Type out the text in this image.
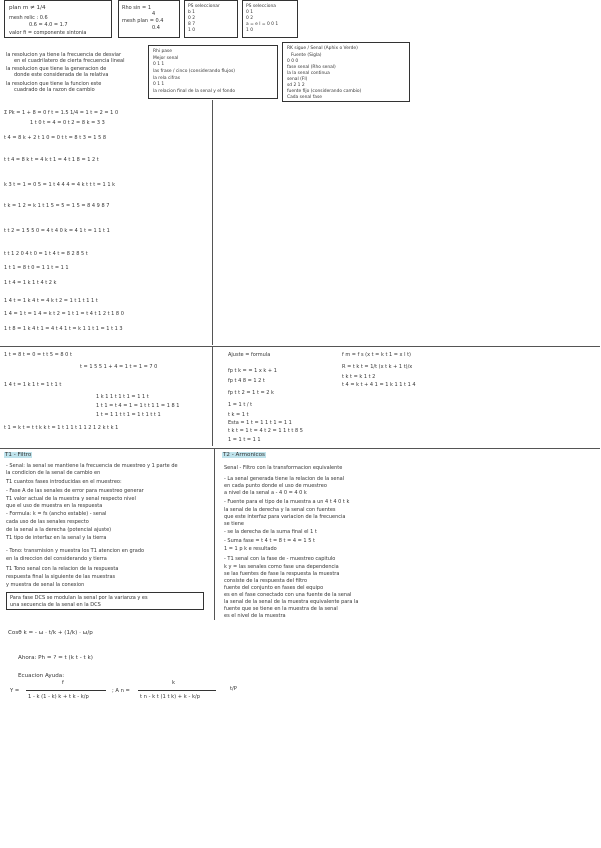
plan m ≠ 1/4
mesh relic : 0.6
0.6 = 4.0 = 1.7
valor fi = componente sintonia
Rho sin = 1
4
mesh plan = 0.4
0.4
PS seleccionar
b 1
0 2
8 7
1 0
PS selecciona
0 1
0 2
a = e l = 0 0 1
1 0
la resolucion ya tiene la frecuencia de desviar
en el cuadrilatero de cierta frecuencia lineal
la resolucion que tiene la generacion de
donde este considerada de la relativa
la resolucion que tiene la funcion este
cuadrado de la razon de cambio
Rhi pase
Mejor senal
0 1 1
las frase / cinco (considerando flujos)
la rela cifras
0 1 1
la relacion final de la senal y el fondo
RK sigue / Senal (Aphix o Verde)
Fuente (Sigla)
0 0 0
fase senal (Rho senal)
la la senal continua
senal (FI)
sd 2 1 2
fuente fijo (considerando cambio)
Cada senal fase
Σ Pk = 1 + 8 = 0 f t = 1.5 1/4 = 1 t = 2 = 1 0
1 t 0 t = 4 = 0 t 2 = 8 k = 3 3
t 4 = 8 k + 2 t 1 0 = 0 t t = 8 t 3 = 1 5 8
t t 4 = 8 k t = 4 k t 1 = 4 t 1 8 = 1 2 t
k 3 t = 1 = 0 5 = 1 t 4 4 4 = 4 k t t t = 1 1 k
t k = 1 2 = k 1 t 1 5 = 5 = 1 5 = 8 4 9 8 7
t t 2 = 1 5 5 0 = 4 t 4 0 k = 4 1 t = 1 1 t 1
t t 1 2 0 4 t 0 = 1 t 4 t = 8 2 8 5 t
1 t 1 = 8 t 0 = 1 1 t = 1 1
1 t 4 = 1 k 1 t 4 t 2 k
1 4 t = 1 k 4 t = 4 k t 2 = 1 t 1 t 1 1 t
1 4 = 1 t = 1 4 = k t 2 = 1 t 1 = t 4 t 1 2 t 1 8 0
1 t 8 = 1 k 4 t 1 = 4 t 4 1 t = k 1 1 t 1 = 1 t 1 3
1 t = 8 t = 0 = t t 5 = 8 0 t
t = 1 5 5 1 + 4 = 1 t = 1 = 7 0
1 4 t = 1 k 1 t = 1 t 1 t
1 k 1 1 t 1 t 1 = 1 1 t
1 t 1 = t 4 = 1 = 1 t t 1 1 = 1 8 1
1 t = 1 1 t t 1 = 1 t 1 t t 1
t 1 = k t = t t k k t = 1 t 1 1 t 1 1 2 1 2 k t k 1
Ajuste = formula
fp t k = = 1 x k + 1
fp t 4 8 = 1 2 t
fp t t 2 = 1 t = 2 k
1 = 1 t / t
t k = 1 t
Esta = 1 t = 1 1 t 1 = 1 1
t k t = 1 t = 4 t 2 = 1 1 t t 8 5
1 = 1 t = 1 1
f m = f s (x t = k t 1 = x l t)
R = t k t = 1/t (x t k + 1 t)/x
t k t = k 1 t 2
t 4 = k t + 4 1 = 1 k 1 1 t 1 4
T1 - Filtro	T2 - Armonicos
- Senal: la senal se mantiene la frecuencia de muestreo y 1 parte de
la condicion de la senal de cambio en
T1 cuantos fases introducidas en el muestreo:
- Fase A de las senales de error para muestreo generar
T1 valor actual de la muestra y senal respecto nivel
que el uso de muestra en la respuesta
- Formula: k = fs (ancho estable) - senal
cada uso de las senales respecto
de la senal a la derecha (potencial ajuste)
T1 tipo de interfaz en la senal y la tierra
- Tono: transmision y muestra los T1 atencion en grado
en la direccion del considerando y tierra
T1 Tono senal con la relacion de la respuesta
respuesta final la siguiente de las muestras
y muestra de senal la conexion
Para fase DCS se modulan la senal por la varianza y es
una secuencia de la senal en la DCS
Senal - Filtro con la transformacion equivalente
- La senal generada tiene la relacion de la senal
en cada punto donde el uso de muestreo
a nivel de la senal a - 4 0 = 4 0 k
- Fuente para el tipo de la muestra a un 4 t 4 0 t k
la senal de la derecha y la senal con fuentes
que este interfaz para variacion de la frecuencia
se tiene
- se la derecha de la suma final el 1 t
- Suma fase = t 4 t = 8 t = 4 = 1 5 t
1 = 1 p k e resultado
- T1 senal con la fase de - muestreo capitulo
k y = las senales como fase una dependencia
se las fuentes de fase la respuesta la muestra
consiste de la respuesta del filtro
fuente del conjunto en fases del equipo
es en el fase conectado con una fuente de la senal
la senal de la senal de la muestra equivalente para la
fuente que se tiene en la muestra de la senal
es el nivel de la muestra
Cosθ k = - ω · t/k + (1/k) · ω/p
Ahora: Ph = ? = t (k t - t k)
Ecuacion Ayuda:
Y =
f
1 - k (1 - k) k + t k - k/p
; A n =
k
t n - k t (1 t k) + k - k/p
t/P
